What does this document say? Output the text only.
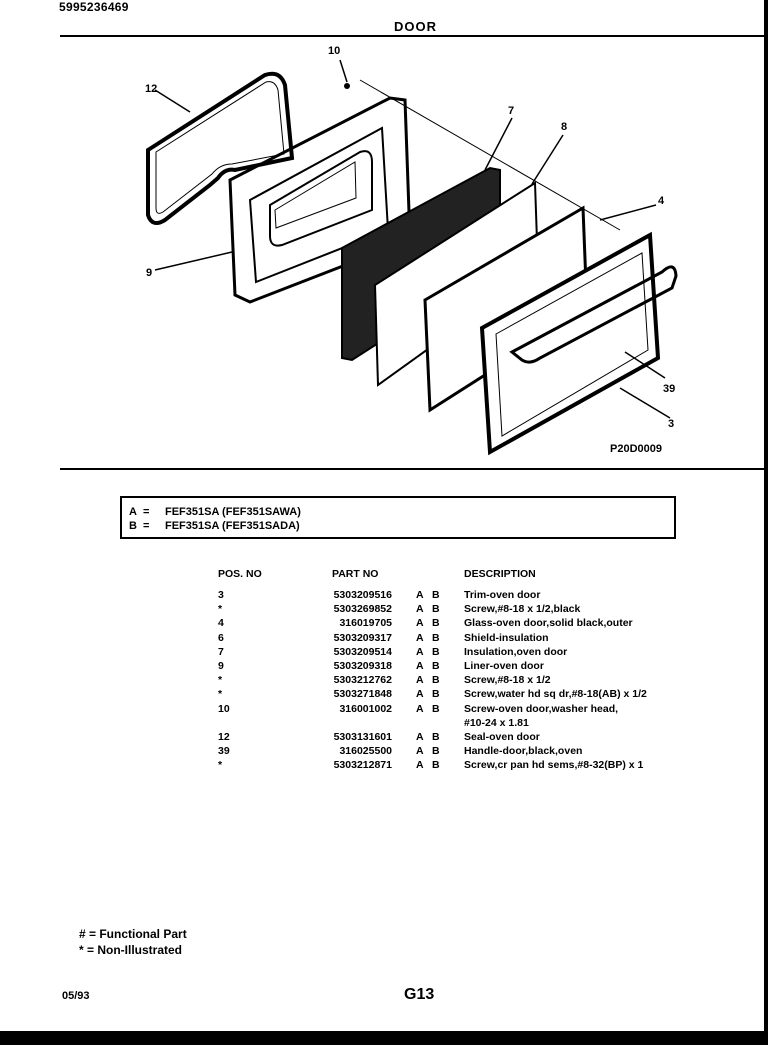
5995236469
DOOR
10
12
7
8
4
9
39
3
P20D0009
A = FEF351SA (FEF351SAWA)
B = FEF351SA (FEF351SADA)
POS. NO	PART NO	DESCRIPTION
3	5303209516 A B Trim-oven door
*	5303269852 A B Screw,#8-18 x 1/2,black
4	316019705 A B Glass-oven door,solid black,outer
6	5303209317 A B Shield-insulation
7	5303209514 A B Insulation,oven door
9	5303209318 A B Liner-oven door
*	5303212762 A B Screw,#8-18 x 1/2
*	5303271848 A B Screw,water hd sq dr,#8-18(AB) x 1/2
10	316001002 A B Screw-oven door,washer head,
#10-24 x 1.81
12	5303131601 A B Seal-oven door
39	316025500 A B Handle-door,black,oven
*	5303212871 A B Screw,cr pan hd sems,#8-32(BP) x 1
# = Functional Part
* = Non-Illustrated
05/93	G13
